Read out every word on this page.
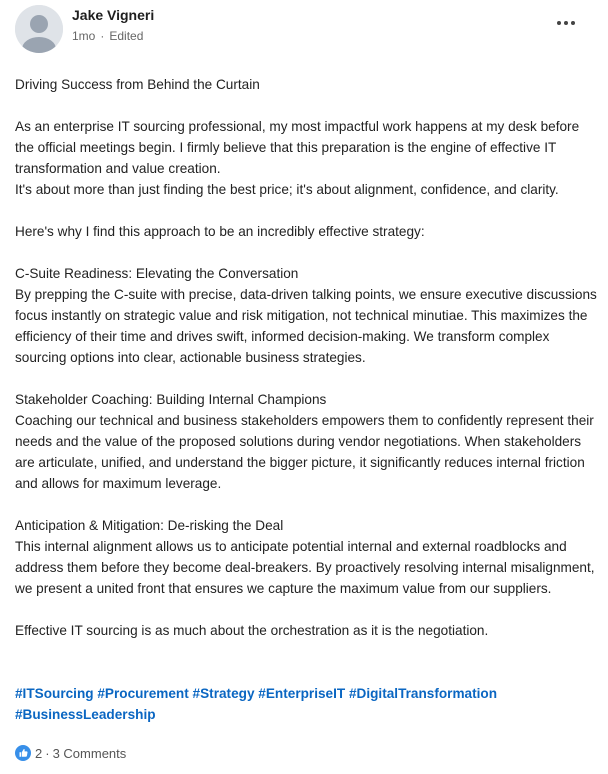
Jake Vigneri
1mo · Edited

Driving Success from Behind the Curtain

As an enterprise IT sourcing professional, my most impactful work happens at my desk before the official meetings begin. I firmly believe that this preparation is the engine of effective IT transformation and value creation.

It's about more than just finding the best price; it's about alignment, confidence, and clarity.

Here's why I find this approach to be an incredibly effective strategy:

C-Suite Readiness: Elevating the Conversation

By prepping the C-suite with precise, data-driven talking points, we ensure executive discussions focus instantly on strategic value and risk mitigation, not technical minutiae. This maximizes the efficiency of their time and drives swift, informed decision-making. We transform complex sourcing options into clear, actionable business strategies.

Stakeholder Coaching: Building Internal Champions

Coaching our technical and business stakeholders empowers them to confidently represent their needs and the value of the proposed solutions during vendor negotiations. When stakeholders are articulate, unified, and understand the bigger picture, it significantly reduces internal friction and allows for maximum leverage.

Anticipation & Mitigation: De-risking the Deal

This internal alignment allows us to anticipate potential internal and external roadblocks and address them before they become deal-breakers. By proactively resolving internal misalignment, we present a united front that ensures we capture the maximum value from our suppliers.

Effective IT sourcing is as much about the orchestration as it is the negotiation.

#ITSourcing #Procurement #Strategy #EnterpriseIT #DigitalTransformation
#BusinessLeadership
2 · 3 Comments
